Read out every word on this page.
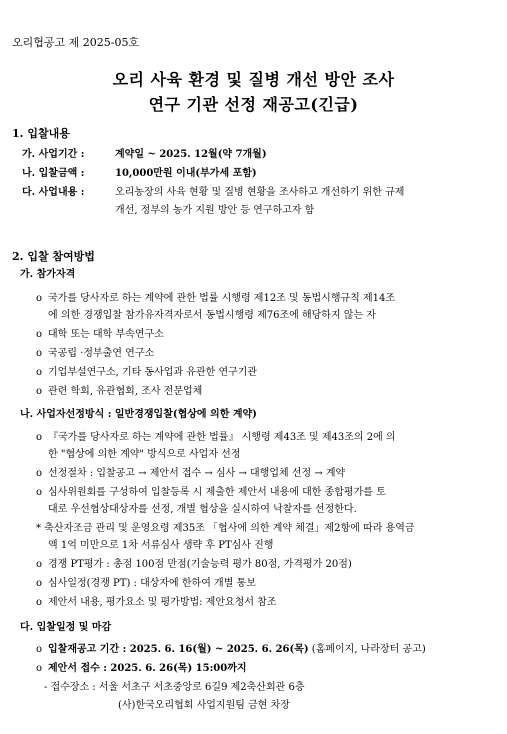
오리협공고 제 2025-05호
오리 사육 환경 및 질병 개선 방안 조사
연구 기관 선정 재공고(긴급)
1. 입찰내용
가. 사업기간 :	계약일 ~ 2025. 12월(약 7개월)
나. 입찰금액 :	10,000만원 이내(부가세 포함)
다. 사업내용 :	오리농장의 사육 현황 및 질병 현황을 조사하고 개선하기 위한 규제
개선, 정부의 농가 지원 방안 등 연구하고자 함
2. 입찰 참여방법
가. 참가자격
o 국가를 당사자로 하는 계약에 관한 법률 시행령 제12조 및 동법시행규칙 제14조
에 의한 경쟁입찰 참가유자격자로서 동법시행령 제76조에 해당하지 않는 자
o 대학 또는 대학 부속연구소
o 국공립 ·정부출연 연구소
o 기업부설연구소, 기타 동사업과 유관한 연구기관
o 관련 학회, 유관협회, 조사 전문업체
나. 사업자선정방식 : 일반경쟁입찰(협상에 의한 계약)
o 『국가를 당사자로 하는 계약에 관한 법률』 시행령 제43조 및 제43조의 2에 의
한 "협상에 의한 계약" 방식으로 사업자 선정
o 선정절차 : 입찰공고 → 제안서 접수 → 심사 → 대행업체 선정 → 계약
o 심사위원회를 구성하여 입찰등록 시 제출한 제안서 내용에 대한 종합평가를 토
대로 우선협상대상자를 선정, 개별 협상을 실시하여 낙찰자를 선정한다.
* 축산자조금 관리 및 운영요령 제35조 「협사에 의한 계약 체결」제2항에 따라 용역금
액 1억 미만으로 1차 서류심사 생략 후 PT심사 진행
o 경쟁 PT평가 : 총점 100점 만점(기술능력 평가 80점, 가격평가 20점)
o 심사일정(경쟁 PT) : 대상자에 한하여 개별 통보
o 제안서 내용, 평가요소 및 평가방법: 제안요청서 참조
다. 입찰일정 및 마감
o 입찰재공고 기간 : 2025. 6. 16(월) ~ 2025. 6. 26(목) (홈페이지, 나라장터 공고)
o 제안서 접수 : 2025. 6. 26(목) 15:00까지
- 접수장소 : 서울 서초구 서초중앙로 6길9 제2축산회관 6층
(사)한국오리협회 사업지원팀 금현 차장
